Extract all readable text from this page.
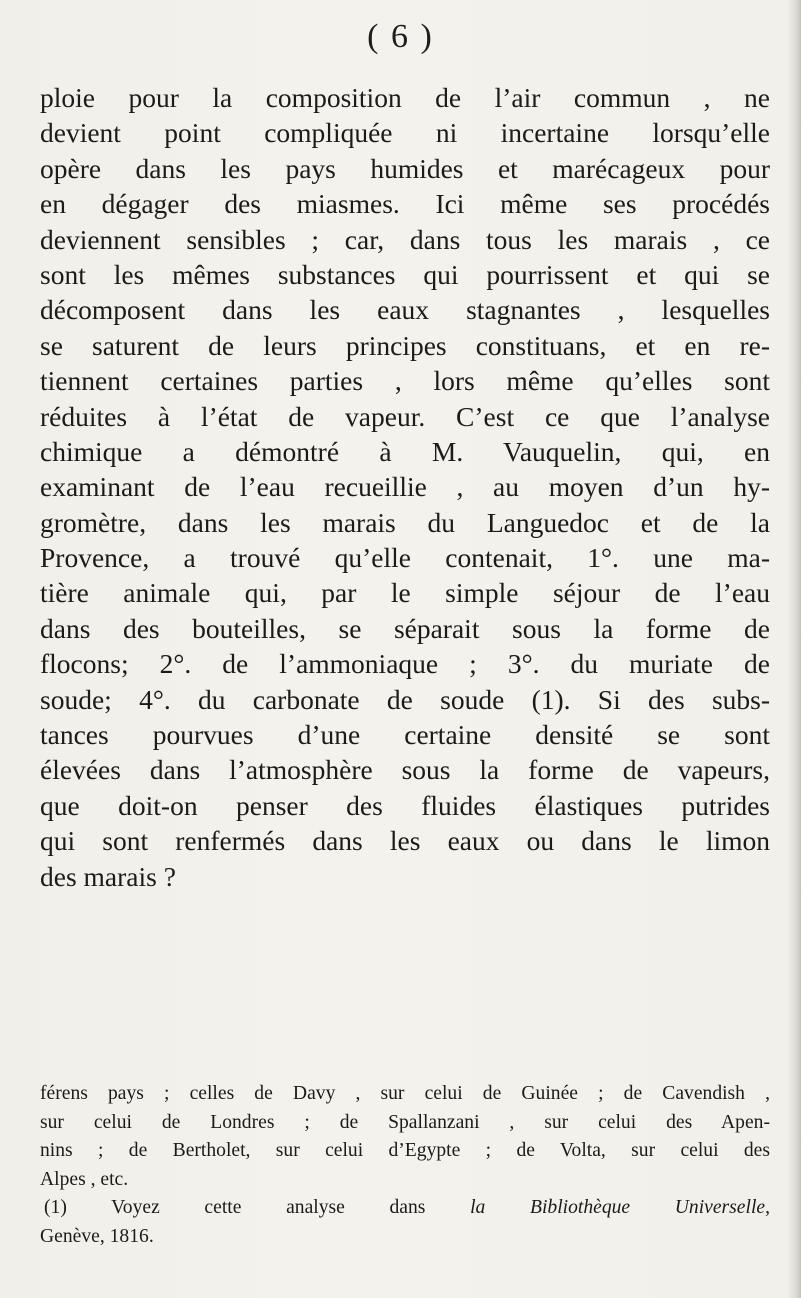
( 6 )
ploie pour la composition de l’air commun , ne
devient point compliquée ni incertaine lorsqu’elle
opère dans les pays humides et marécageux pour
en dégager des miasmes. Ici même ses procédés
deviennent sensibles ; car, dans tous les marais , ce
sont les mêmes substances qui pourrissent et qui se
décomposent dans les eaux stagnantes , lesquelles
se saturent de leurs principes constituans, et en re-
tiennent certaines parties , lors même qu’elles sont
réduites à l’état de vapeur. C’est ce que l’analyse
chimique a démontré à M. Vauquelin, qui, en
examinant de l’eau recueillie , au moyen d’un hy-
gromètre, dans les marais du Languedoc et de la
Provence, a trouvé qu’elle contenait, 1°. une ma-
tière animale qui, par le simple séjour de l’eau
dans des bouteilles, se séparait sous la forme de
flocons; 2°. de l’ammoniaque ; 3°. du muriate de
soude; 4°. du carbonate de soude (1). Si des subs-
tances pourvues d’une certaine densité se sont
élevées dans l’atmosphère sous la forme de vapeurs,
que doit-on penser des fluides élastiques putrides
qui sont renfermés dans les eaux ou dans le limon
des marais ?
férens pays ; celles de Davy , sur celui de Guinée ; de Cavendish ,
sur celui de Londres ; de Spallanzani , sur celui des Apen-
nins ; de Bertholet, sur celui d’Egypte ; de Volta, sur celui des
Alpes , etc.
(1) Voyez cette analyse dans la Bibliothèque Universelle,
Genève, 1816.
